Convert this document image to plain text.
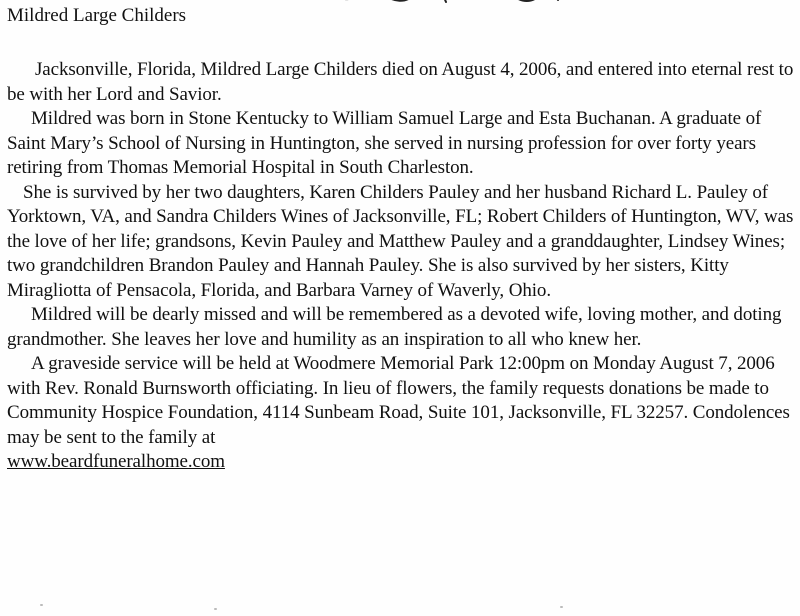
Mildred Large Childers

Jacksonville, Florida, Mildred Large Childers died on August 4, 2006, and entered into eternal rest to be with her Lord and Savior.

Mildred was born in Stone Kentucky to William Samuel Large and Esta Buchanan. A graduate of Saint Mary’s School of Nursing in Huntington, she served in nursing profession for over forty years retiring from Thomas Memorial Hospital in South Charleston.

She is survived by her two daughters, Karen Childers Pauley and her husband Richard L. Pauley of Yorktown, VA, and Sandra Childers Wines of Jacksonville, FL; Robert Childers of Huntington, WV, was the love of her life; grandsons, Kevin Pauley and Matthew Pauley and a granddaughter, Lindsey Wines; two grandchildren Brandon Pauley and Hannah Pauley. She is also survived by her sisters, Kitty Miragliotta of Pensacola, Florida, and Barbara Varney of Waverly, Ohio.

Mildred will be dearly missed and will be remembered as a devoted wife, loving mother, and doting grandmother. She leaves her love and humility as an inspiration to all who knew her.

A graveside service will be held at Woodmere Memorial Park 12:00pm on Monday August 7, 2006 with Rev. Ronald Burnsworth officiating. In lieu of flowers, the family requests donations be made to Community Hospice Foundation, 4114 Sunbeam Road, Suite 101, Jacksonville, FL 32257. Condolences may be sent to the family at

www.beardfuneralhome.com
